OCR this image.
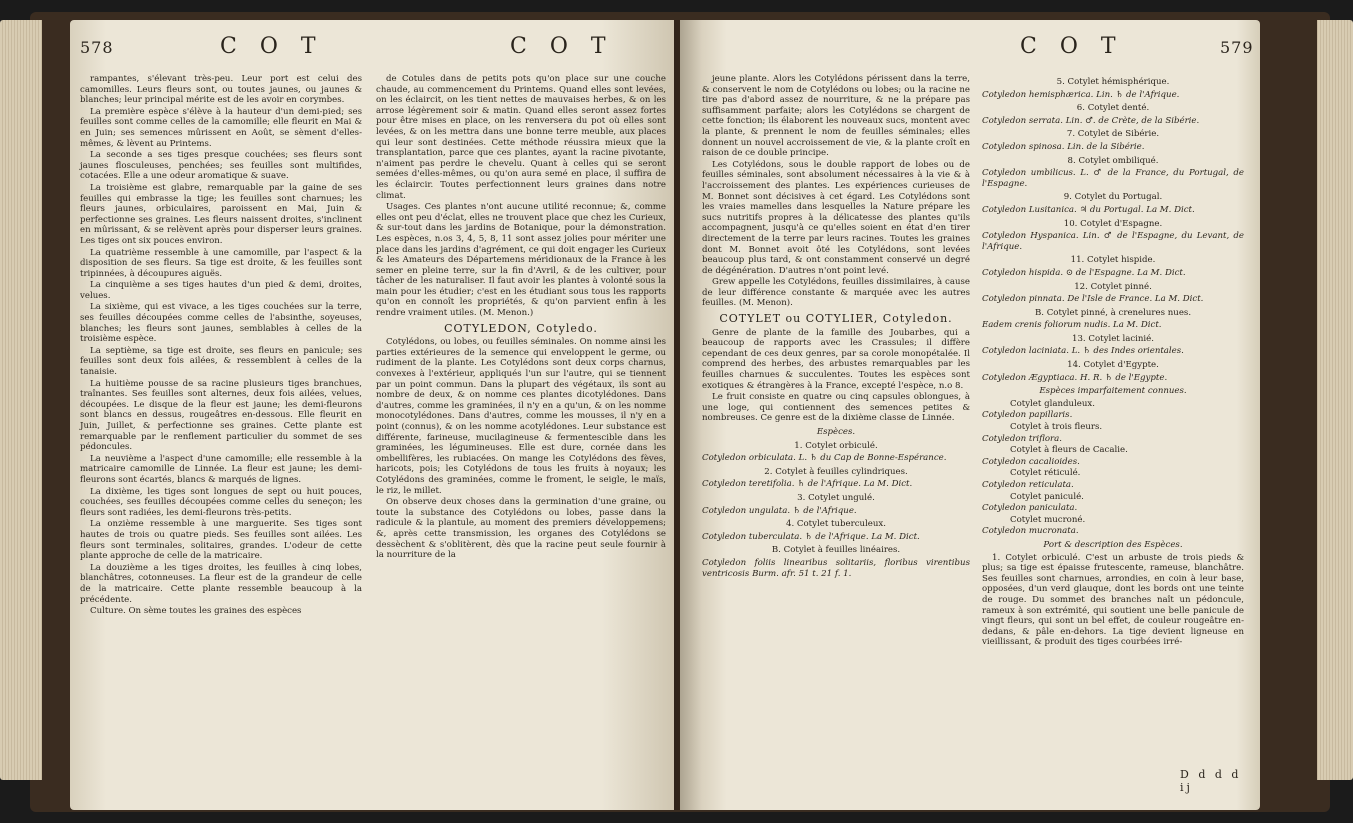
578	C O T	C O T

rampantes, s'élevant très-peu. Leur port est celui des camomilles. Leurs fleurs sont, ou toutes jaunes, ou jaunes & blanches; leur principal mérite est de les avoir en corymbes.

La première espèce s'élève à la hauteur d'un demi-pied; ses feuilles sont comme celles de la camomille; elle fleurit en Mai & en Juin; ses semences mûrissent en Août, se sèment d'elles-mêmes, & lèvent au Printems.

La seconde a ses tiges presque couchées; ses fleurs sont jaunes flosculeuses, penchées; ses feuilles sont multifides, cotacées. Elle a une odeur aromatique & suave.

La troisième est glabre, remarquable par la gaine de ses feuilles qui embrasse la tige; les feuilles sont charnues; les fleurs jaunes, orbiculaires, paroissent en Mai, Juin & perfectionne ses graines. Les fleurs naissent droites, s'inclinent en mûrissant, & se relèvent après pour disperser leurs graines. Les tiges ont six pouces environ.

La quatrième ressemble à une camomille, par l'aspect & la disposition de ses fleurs. Sa tige est droite, & les feuilles sont tripinnées, à découpures aiguës.

La cinquième a ses tiges hautes d'un pied & demi, droites, velues.

La sixième, qui est vivace, a les tiges couchées sur la terre, ses feuilles découpées comme celles de l'absinthe, soyeuses, blanches; les fleurs sont jaunes, semblables à celles de la troisième espèce.

La septième, sa tige est droite, ses fleurs en panicule; ses feuilles sont deux fois ailées, & ressemblent à celles de la tanaisie.

La huitième pousse de sa racine plusieurs tiges branchues, traînantes. Ses feuilles sont alternes, deux fois ailées, velues, découpées. Le disque de la fleur est jaune; les demi-fleurons sont blancs en dessus, rougeâtres en-dessous. Elle fleurit en Juin, Juillet, & perfectionne ses graines. Cette plante est remarquable par le renflement particulier du sommet de ses pédoncules.

La neuvième a l'aspect d'une camomille; elle ressemble à la matricaire camomille de Linnée. La fleur est jaune; les demi-fleurons sont écartés, blancs & marqués de lignes.

La dixième, les tiges sont longues de sept ou huit pouces, couchées, ses feuilles découpées comme celles du seneçon; les fleurs sont radiées, les demi-fleurons très-petits.

La onzième ressemble à une marguerite. Ses tiges sont hautes de trois ou quatre pieds. Ses feuilles sont ailées. Les fleurs sont terminales, solitaires, grandes. L'odeur de cette plante approche de celle de la matricaire.

La douzième a les tiges droites, les feuilles à cinq lobes, blanchâtres, cotonneuses. La fleur est de la grandeur de celle de la matricaire. Cette plante ressemble beaucoup à la précédente.

Culture. On sème toutes les graines des espèces

de Cotules dans de petits pots qu'on place sur une couche chaude, au commencement du Printems. Quand elles sont levées, on les éclaircit, on les tient nettes de mauvaises herbes, & on les arrose légèrement soir & matin. Quand elles seront assez fortes pour être mises en place, on les renversera du pot où elles sont levées, & on les mettra dans une bonne terre meuble, aux places qui leur sont destinées. Cette méthode réussira mieux que la transplantation, parce que ces plantes, ayant la racine pivotante, n'aiment pas perdre le chevelu. Quant à celles qui se seront semées d'elles-mêmes, ou qu'on aura semé en place, il suffira de les éclaircir. Toutes perfectionnent leurs graines dans notre climat.

Usages. Ces plantes n'ont aucune utilité reconnue; &, comme elles ont peu d'éclat, elles ne trouvent place que chez les Curieux, & sur-tout dans les jardins de Botanique, pour la démonstration. Les espèces, n.os 3, 4, 5, 8, 11 sont assez jolies pour mériter une place dans les jardins d'agrément, ce qui doit engager les Curieux & les Amateurs des Départemens méridionaux de la France à les semer en pleine terre, sur la fin d'Avril, & de les cultiver, pour tâcher de les naturaliser. Il faut avoir les plantes à volonté sous la main pour les étudier; c'est en les étudiant sous tous les rapports qu'on en connoît les propriétés, & qu'on parvient enfin à les rendre vraiment utiles. (M. Menon.)

COTYLEDON, Cotyledo.

Cotylédons, ou lobes, ou feuilles séminales. On nomme ainsi les parties extérieures de la semence qui enveloppent le germe, ou rudiment de la plante. Les Cotylédons sont deux corps charnus, convexes à l'extérieur, appliqués l'un sur l'autre, qui se tiennent par un point commun. Dans la plupart des végétaux, ils sont au nombre de deux, & on nomme ces plantes dicotylédones. Dans d'autres, comme les graminées, il n'y en a qu'un, & on les nomme monocotylédones. Dans d'autres, comme les mousses, il n'y en a point (connus), & on les nomme acotylédones. Leur substance est différente, farineuse, mucilagineuse & fermentescible dans les graminées, les légumineuses. Elle est dure, cornée dans les ombellifères, les rubiacées. On mange les Cotylédons des fèves, haricots, pois; les Cotylédons de tous les fruits à noyaux; les Cotylédons des graminées, comme le froment, le seigle, le maïs, le riz, le millet.

On observe deux choses dans la germination d'une graine, ou toute la substance des Cotylédons ou lobes, passe dans la radicule & la plantule, au moment des premiers développemens; &, après cette transmission, les organes des Cotylédons se dessèchent & s'oblitèrent, dès que la racine peut seule fournir à la nourriture de la

C O T	579

jeune plante. Alors les Cotylédons périssent dans la terre, & conservent le nom de Cotylédons ou lobes; ou la racine ne tire pas d'abord assez de nourriture, & ne la prépare pas suffisamment parfaite; alors les Cotylédons se chargent de cette fonction; ils élaborent les nouveaux sucs, montent avec la plante, & prennent le nom de feuilles séminales; elles donnent un nouvel accroissement de vie, & la plante croît en raison de ce double principe.

Les Cotylédons, sous le double rapport de lobes ou de feuilles séminales, sont absolument nécessaires à la vie & à l'accroissement des plantes. Les expériences curieuses de M. Bonnet sont décisives à cet égard. Les Cotylédons sont les vraies mamelles dans lesquelles la Nature prépare les sucs nutritifs propres à la délicatesse des plantes qu'ils accompagnent, jusqu'à ce qu'elles soient en état d'en tirer directement de la terre par leurs racines. Toutes les graines dont M. Bonnet avoit ôté les Cotylédons, sont levées beaucoup plus tard, & ont constamment conservé un degré de dégénération. D'autres n'ont point levé.

Grew appelle les Cotylédons, feuilles dissimilaires, à cause de leur différence constante & marquée avec les autres feuilles. (M. Menon).

COTYLET ou COTYLIER, Cotyledon.

Genre de plante de la famille des Joubarbes, qui a beaucoup de rapports avec les Crassules; il diffère cependant de ces deux genres, par sa corole monopétalée. Il comprend des herbes, des arbustes remarquables par les feuilles charnues & succulentes. Toutes les espèces sont exotiques & étrangères à la France, excepté l'espèce, n.o 8.

Le fruit consiste en quatre ou cinq capsules oblongues, à une loge, qui contiennent des semences petites & nombreuses. Ce genre est de la dixième classe de Linnée.

Espèces.

1. Cotylet orbiculé.

Cotyledon orbiculata. L. ♄ du Cap de Bonne-Espérance.

2. Cotylet à feuilles cylindriques.

Cotyledon teretifolia. ♄ de l'Afrique. La M. Dict.

3. Cotylet ungulé.

Cotyledon ungulata. ♄ de l'Afrique.

4. Cotylet tuberculeux.

Cotyledon tuberculata. ♄ de l'Afrique. La M. Dict.

B. Cotylet à feuilles linéaires.

Cotyledon foliis linearibus solitariis, floribus virentibus ventricosis Burm. afr. 51 t. 21 f. 1.

5. Cotylet hémisphérique.

Cotyledon hemisphærica. Lin. ♄ de l'Afrique.

6. Cotylet denté.

Cotyledon serrata. Lin. ♂. de Crète, de la Sibérie.

7. Cotylet de Sibérie.

Cotyledon spinosa. Lin. de la Sibérie.

8. Cotylet ombiliqué.

Cotyledon umbilicus. L. ♂ de la France, du Portugal, de l'Espagne.

9. Cotylet du Portugal.

Cotyledon Lusitanica. ♃ du Portugal. La M. Dict.

10. Cotylet d'Espagne.

Cotyledon Hyspanica. Lin. ♂ de l'Espagne, du Levant, de l'Afrique.

11. Cotylet hispide.

Cotyledon hispida. ⊙ de l'Espagne. La M. Dict.

12. Cotylet pinné.

Cotyledon pinnata. De l'Isle de France. La M. Dict.

B. Cotylet pinné, à crenelures nues.

Eadem crenis foliorum nudis. La M. Dict.

13. Cotylet lacinié.

Cotyledon laciniata. L. ♄ des Indes orientales.

14. Cotylet d'Egypte.

Cotyledon Ægyptiaca. H. R. ♄ de l'Egypte.

Espèces imparfaitement connues.

Cotylet glanduleux.

Cotyledon papillaris.

Cotylet à trois fleurs.

Cotyledon triflora.

Cotylet à fleurs de Cacalie.

Cotyledon cacalioides.

Cotylet réticulé.

Cotyledon reticulata.

Cotylet paniculé.

Cotyledon paniculata.

Cotylet mucroné.

Cotyledon mucronata.

Port & description des Espèces.

1. Cotylet orbiculé. C'est un arbuste de trois pieds & plus; sa tige est épaisse frutescente, rameuse, blanchâtre. Ses feuilles sont charnues, arrondies, en coin à leur base, opposées, d'un verd glauque, dont les bords ont une teinte de rouge. Du sommet des branches naît un pédoncule, rameux à son extrémité, qui soutient une belle panicule de vingt fleurs, qui sont un bel effet, de couleur rougeâtre en-dedans, & pâle en-dehors. La tige devient ligneuse en vieillissant, & produit des tiges courbées irré-

D d d d ij
